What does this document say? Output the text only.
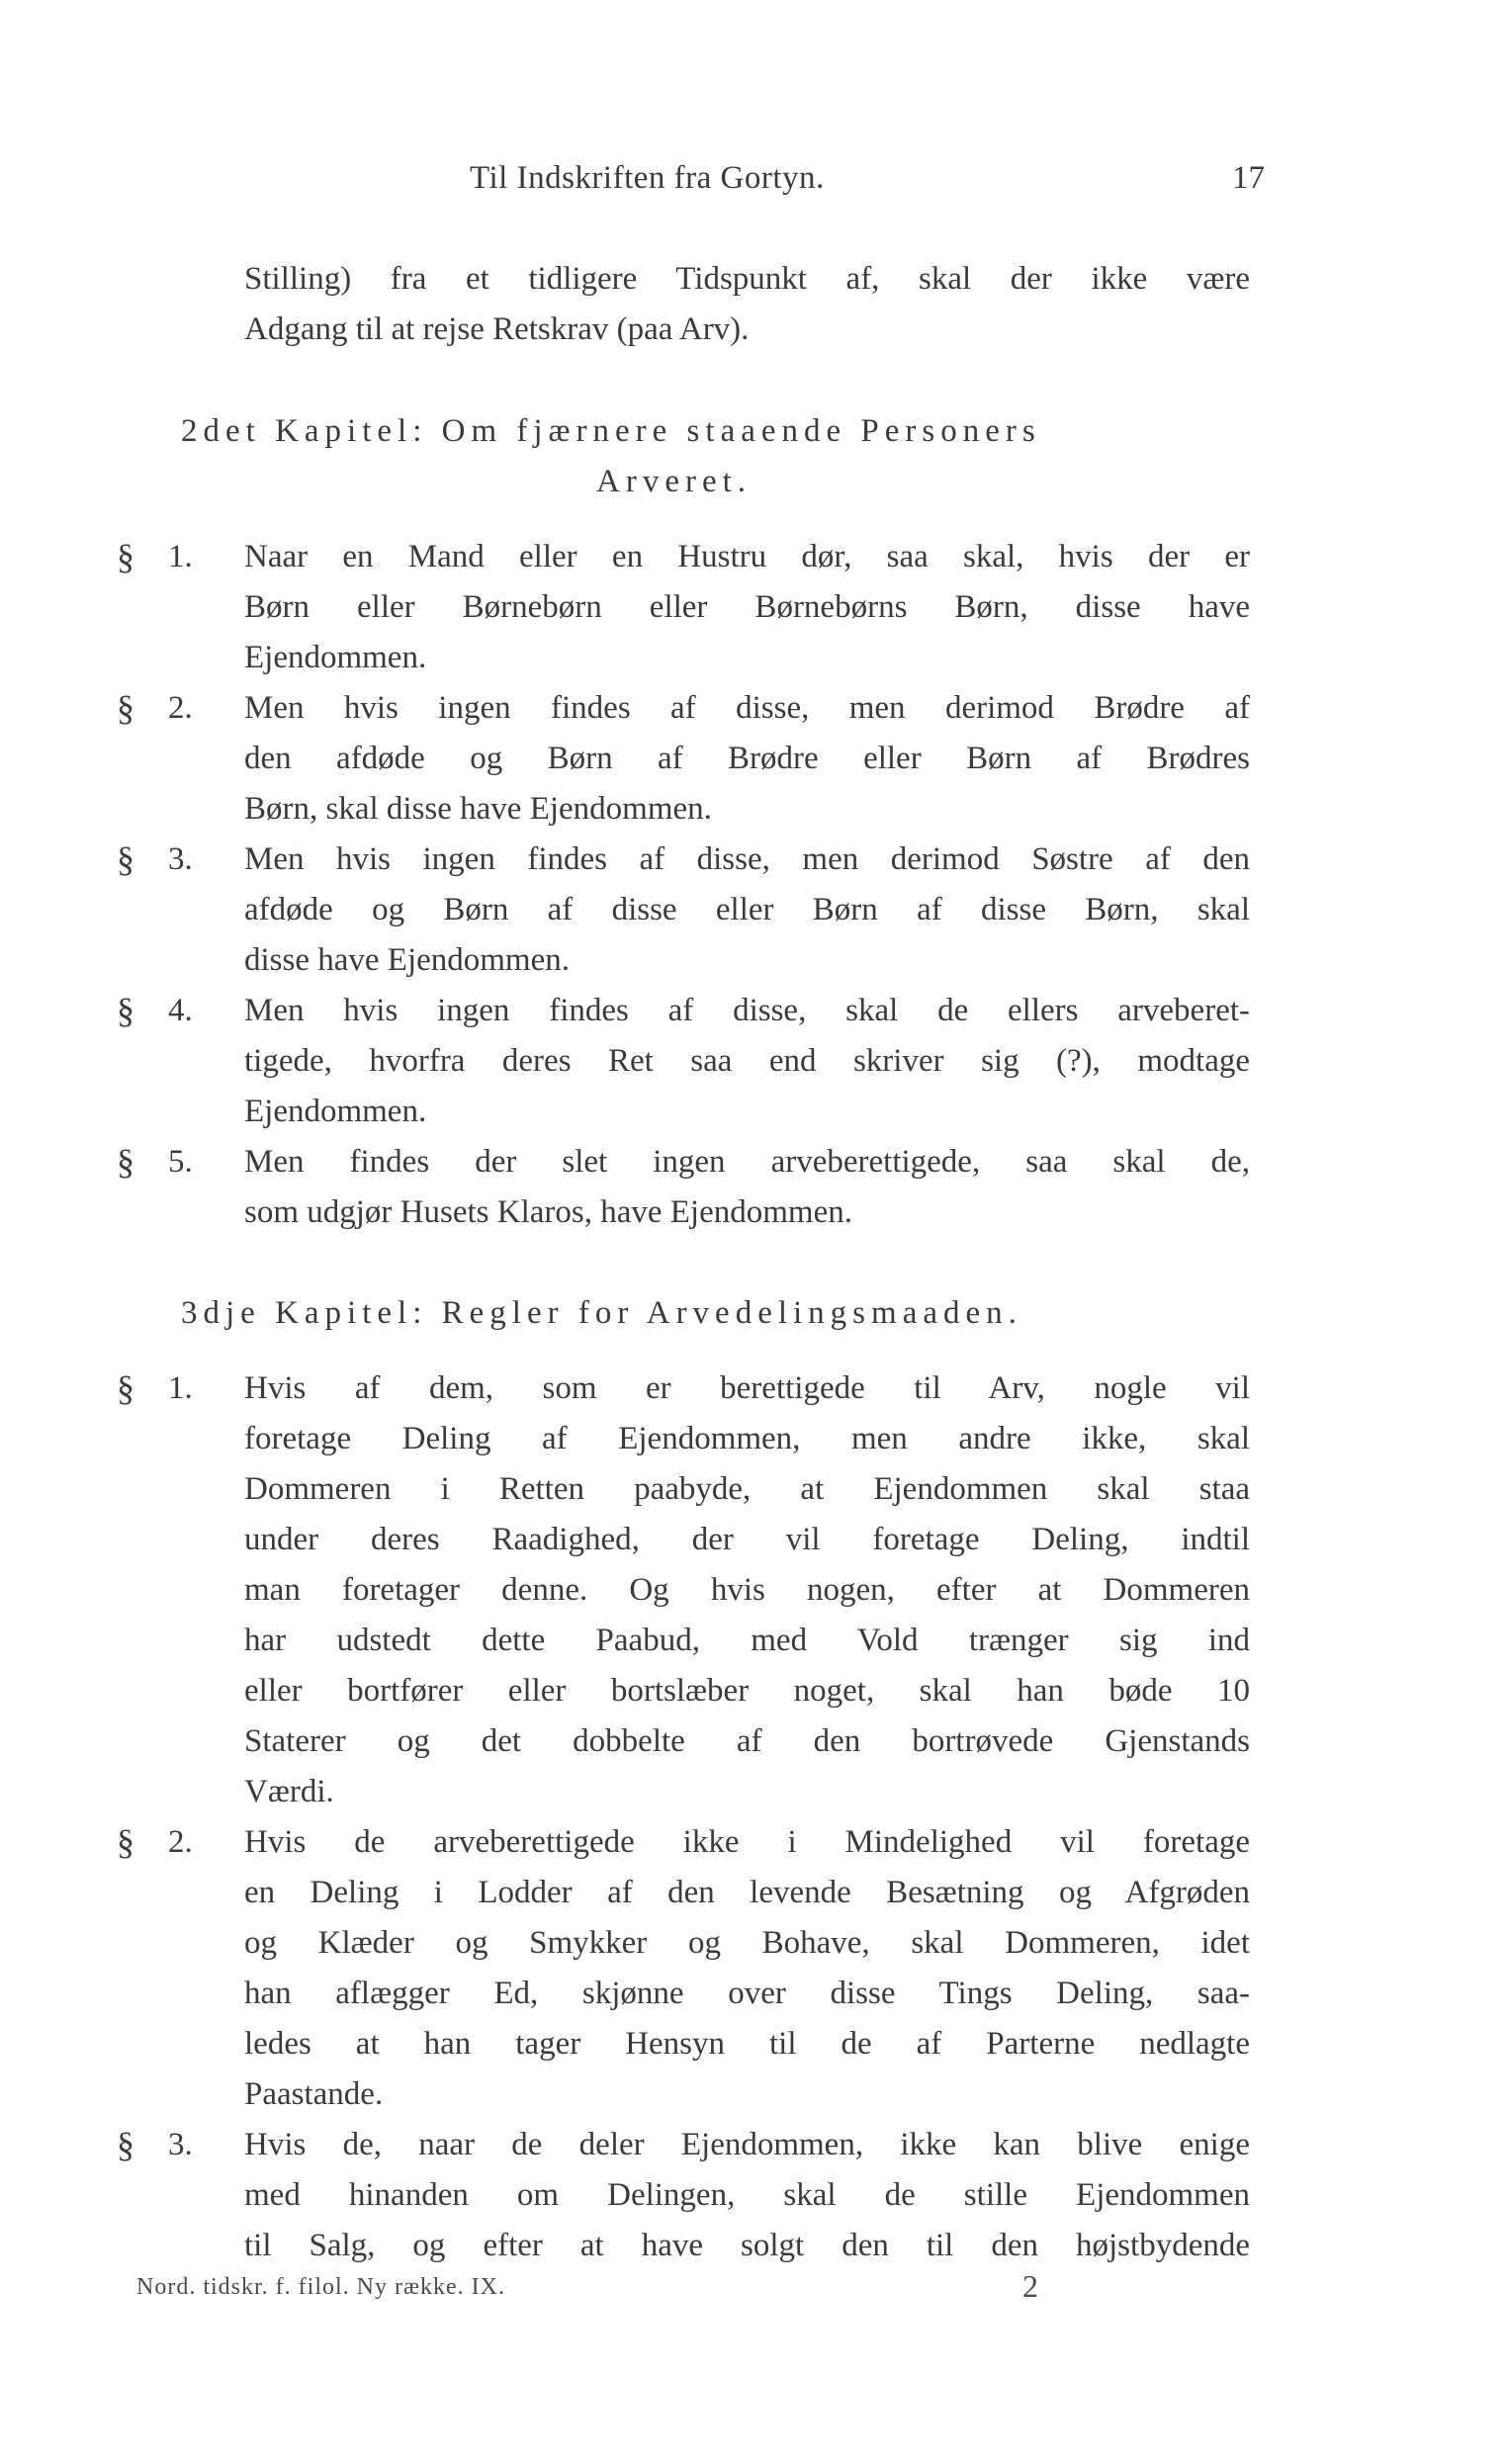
Til Indskriften fra Gortyn.	17
Stilling) fra et tidligere Tidspunkt af, skal der ikke være
Adgang til at rejse Retskrav (paa Arv).
2det Kapitel: Om fjærnere staaende Personers
Arveret.
§ 1. Naar en Mand eller en Hustru dør, saa skal, hvis der er
Børn eller Børnebørn eller Børnebørns Børn, disse have
Ejendommen.
§ 2. Men hvis ingen findes af disse, men derimod Brødre af
den afdøde og Børn af Brødre eller Børn af Brødres
Børn, skal disse have Ejendommen.
§ 3. Men hvis ingen findes af disse, men derimod Søstre af den
afdøde og Børn af disse eller Børn af disse Børn, skal
disse have Ejendommen.
§ 4. Men hvis ingen findes af disse, skal de ellers arveberet-
tigede, hvorfra deres Ret saa end skriver sig (?), modtage
Ejendommen.
§ 5. Men findes der slet ingen arveberettigede, saa skal de,
som udgjør Husets Klaros, have Ejendommen.
3dje Kapitel: Regler for Arvedelingsmaaden.
§ 1. Hvis af dem, som er berettigede til Arv, nogle vil
foretage Deling af Ejendommen, men andre ikke, skal
Dommeren i Retten paabyde, at Ejendommen skal staa
under deres Raadighed, der vil foretage Deling, indtil
man foretager denne. Og hvis nogen, efter at Dommeren
har udstedt dette Paabud, med Vold trænger sig ind
eller bortfører eller bortslæber noget, skal han bøde 10
Staterer og det dobbelte af den bortrøvede Gjenstands
Værdi.
§ 2. Hvis de arveberettigede ikke i Mindelighed vil foretage
en Deling i Lodder af den levende Besætning og Afgrøden
og Klæder og Smykker og Bohave, skal Dommeren, idet
han aflægger Ed, skjønne over disse Tings Deling, saa-
ledes at han tager Hensyn til de af Parterne nedlagte
Paastande.
§ 3. Hvis de, naar de deler Ejendommen, ikke kan blive enige
med hinanden om Delingen, skal de stille Ejendommen
til Salg, og efter at have solgt den til den højstbydende
Nord. tidskr. f. filol. Ny række. IX.	2
